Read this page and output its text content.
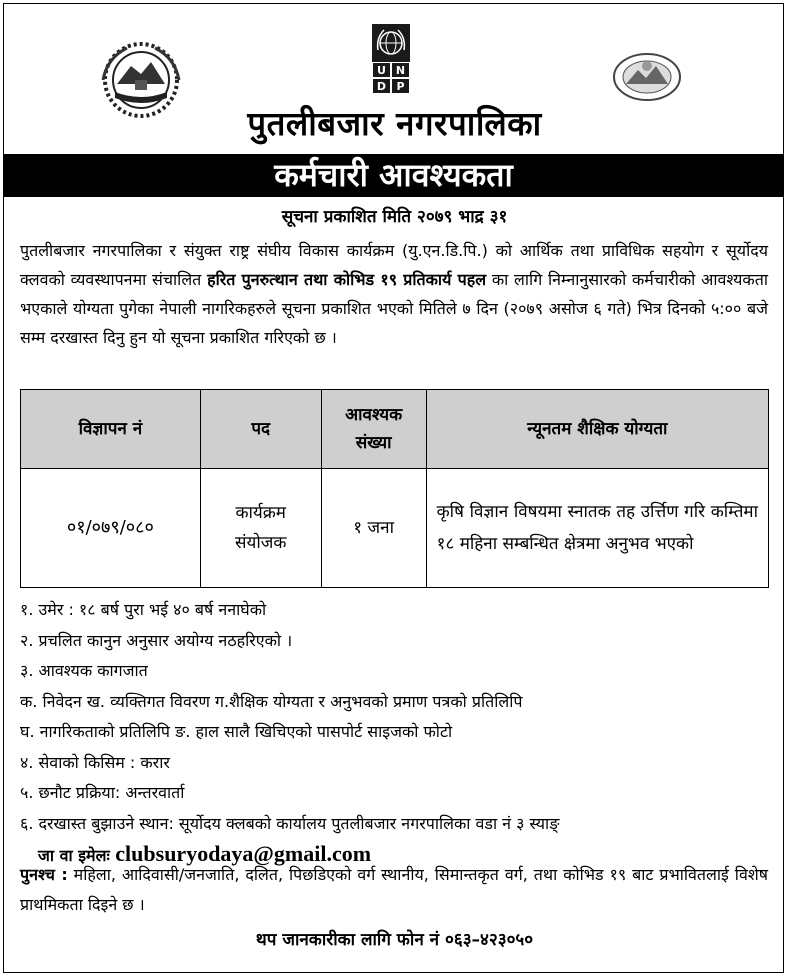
U N
D P
पुतलीबजार नगरपालिका
कर्मचारी आवश्यकता
सूचना प्रकाशित मिति २०७९ भाद्र ३१
पुतलीबजार नगरपालिका र संयुक्त राष्ट्र संघीय विकास कार्यक्रम (यु.एन.डि.पि.) को आर्थिक तथा प्राविधिक सहयोग र सूर्योदय क्लवको व्यवस्थापनमा संचालित हरित पुनरुत्थान तथा कोभिड १९ प्रतिकार्य पहल का लागि निम्नानुसारको कर्मचारीको आवश्यकता भएकाले योग्यता पुगेका नेपाली नागरिकहरुले सूचना प्रकाशित भएको मितिले ७ दिन (२०७९ असोज ६ गते) भित्र दिनको ५:०० बजे सम्म दरखास्त दिनु हुन यो सूचना प्रकाशित गरिएको छ ।
विज्ञापन नं	पद	आवश्यक संख्या	न्यूनतम शैक्षिक योग्यता
०१/०७९/०८०	कार्यक्रम संयोजक	१ जना	कृषि विज्ञान विषयमा स्नातक तह उर्त्तिण गरि कम्तिमा १८ महिना सम्बन्धित क्षेत्रमा अनुभव भएको
१. उमेर : १८ बर्ष पुरा भई ४० बर्ष ननाघेको
२. प्रचलित कानुन अनुसार अयोग्य नठहरिएको ।
३. आवश्यक कागजात
क. निवेदन ख. व्यक्तिगत विवरण ग.शैक्षिक योग्यता र अनुभवको प्रमाण पत्रको प्रतिलिपि
घ. नागरिकताको प्रतिलिपि ङ. हाल सालै खिचिएको पासपोर्ट साइजको फोटो
४. सेवाको किसिम : करार
५. छनौट प्रक्रिया: अन्तरवार्ता
६. दरखास्त बुझाउने स्थान: सूर्योदय क्लबको कार्यालय पुतलीबजार नगरपालिका वडा नं ३ स्याङ्
जा वा इमेलः clubsuryodaya@gmail.com
पुनश्च : महिला, आदिवासी/जनजाति, दलित, पिछडिएको वर्ग स्थानीय, सिमान्तकृत वर्ग, तथा कोभिड १९ बाट प्रभावितलाई विशेष प्राथमिकता दिइने छ ।
थप जानकारीका लागि फोन नं ०६३–४२३०५०
